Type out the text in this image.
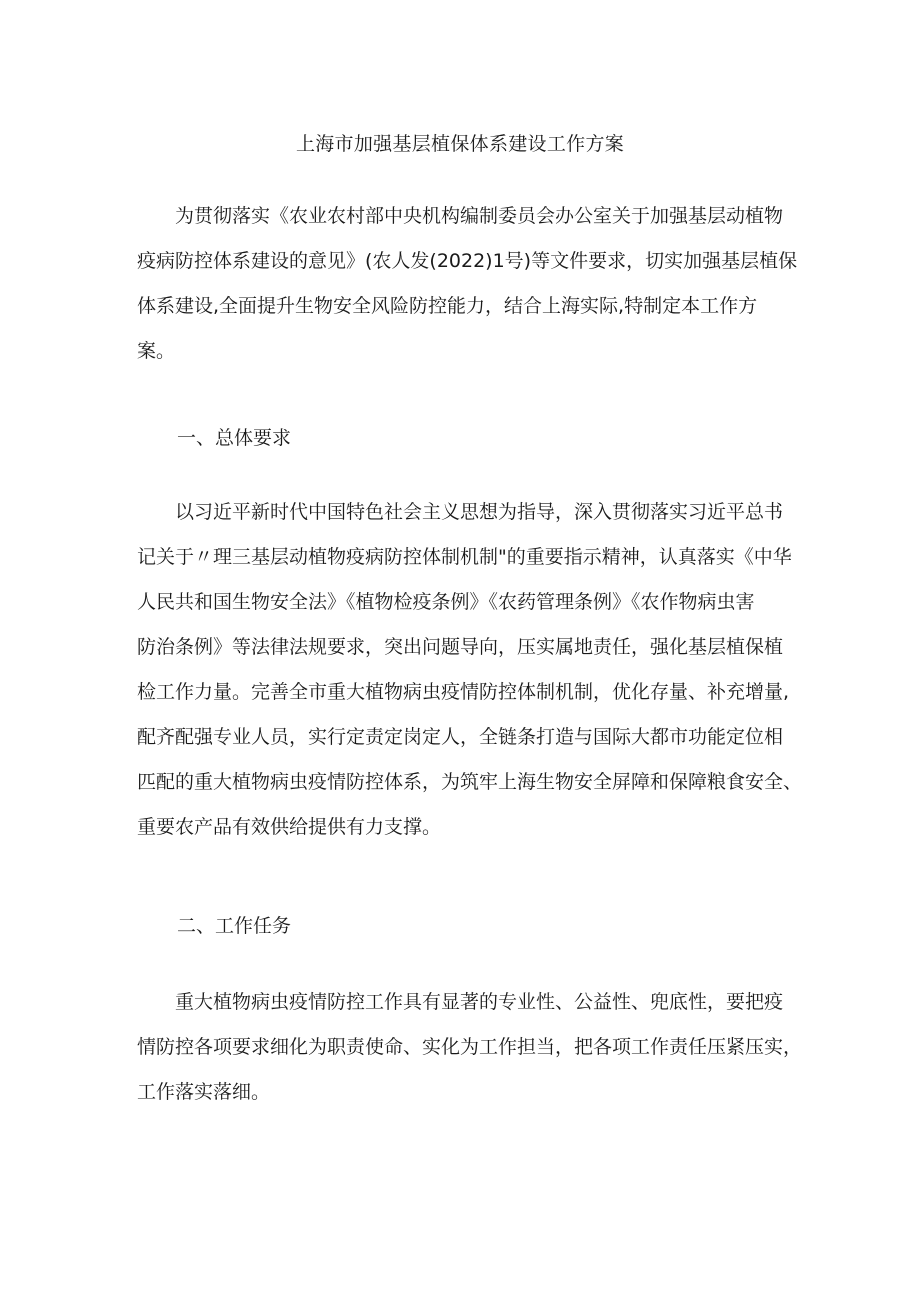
上海市加强基层植保体系建设工作方案
　　为贯彻落实《农业农村部中央机构编制委员会办公室关于加强基层动植物
疫病防控体系建设的意见》(农人发(2022)1号)等文件要求，切实加强基层植保
体系建设,全面提升生物安全风险防控能力，结合上海实际,特制定本工作方
案。
一、总体要求
　　以习近平新时代中国特色社会主义思想为指导，深入贯彻落实习近平总书
记关于〃理三基层动植物疫病防控体制机制"的重要指示精神，认真落实《中华
人民共和国生物安全法》《植物检疫条例》《农药管理条例》《农作物病虫害
防治条例》等法律法规要求，突出问题导向，压实属地责任，强化基层植保植
检工作力量。完善全市重大植物病虫疫情防控体制机制，优化存量、补充增量,
配齐配强专业人员，实行定责定岗定人，全链条打造与国际大都市功能定位相
匹配的重大植物病虫疫情防控体系，为筑牢上海生物安全屏障和保障粮食安全、
重要农产品有效供给提供有力支撑。
二、工作任务
　　重大植物病虫疫情防控工作具有显著的专业性、公益性、兜底性，要把疫
情防控各项要求细化为职责使命、实化为工作担当，把各项工作责任压紧压实，
工作落实落细。
